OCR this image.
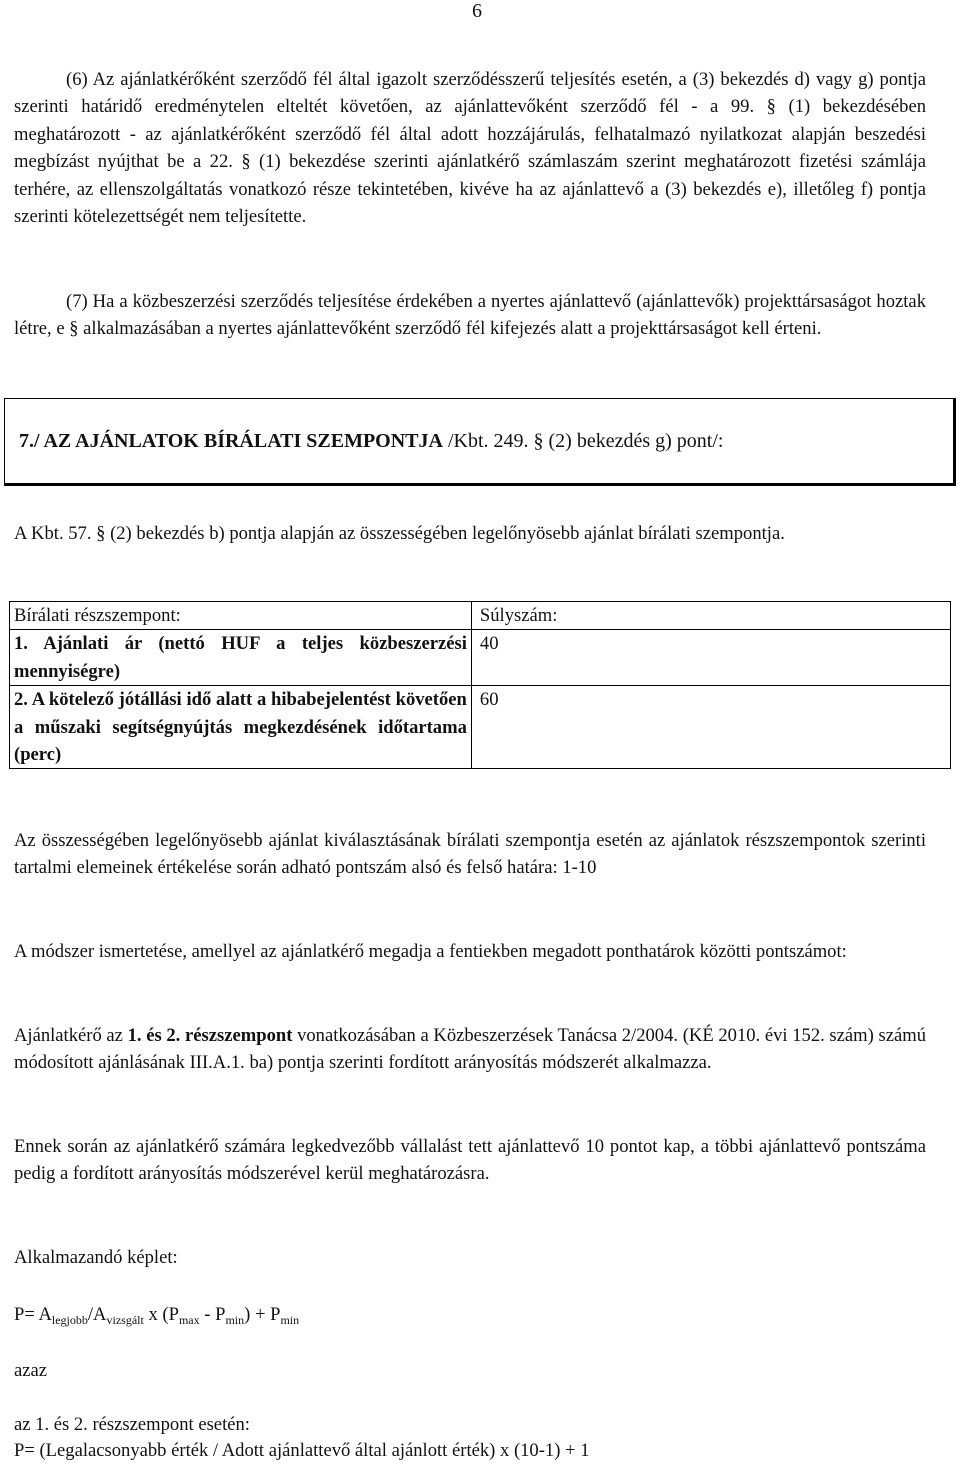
6

(6) Az ajánlatkérőként szerződő fél által igazolt szerződésszerű teljesítés esetén, a (3) bekezdés d) vagy g) pontja szerinti határidő eredménytelen elteltét követően, az ajánlattevőként szerződő fél - a 99. § (1) bekezdésében meghatározott - az ajánlatkérőként szerződő fél által adott hozzájárulás, felhatalmazó nyilatkozat alapján beszedési megbízást nyújthat be a 22. § (1) bekezdése szerinti ajánlatkérő számlaszám szerint meghatározott fizetési számlája terhére, az ellenszolgáltatás vonatkozó része tekintetében, kivéve ha az ajánlattevő a (3) bekezdés e), illetőleg f) pontja szerinti kötelezettségét nem teljesítette.

(7) Ha a közbeszerzési szerződés teljesítése érdekében a nyertes ajánlattevő (ajánlattevők) projekttársaságot hoztak létre, e § alkalmazásában a nyertes ajánlattevőként szerződő fél kifejezés alatt a projekttársaságot kell érteni.

7./ AZ AJÁNLATOK BÍRÁLATI SZEMPONTJA /Kbt. 249. § (2) bekezdés g) pont/:

A Kbt. 57. § (2) bekezdés b) pontja alapján az összességében legelőnyösebb ajánlat bírálati szempontja.

Bírálati részszempont:	Súlyszám:
1. Ajánlati ár (nettó HUF a teljes közbeszerzési mennyiségre)	40
2. A kötelező jótállási idő alatt a hibabejelentést követően a műszaki segítségnyújtás megkezdésének időtartama (perc)	60

Az összességében legelőnyösebb ajánlat kiválasztásának bírálati szempontja esetén az ajánlatok részszempontok szerinti tartalmi elemeinek értékelése során adható pontszám alsó és felső határa: 1-10

A módszer ismertetése, amellyel az ajánlatkérő megadja a fentiekben megadott ponthatárok közötti pontszámot:

Ajánlatkérő az 1. és 2. részszempont vonatkozásában a Közbeszerzések Tanácsa 2/2004. (KÉ 2010. évi 152. szám) számú módosított ajánlásának III.A.1. ba) pontja szerinti fordított arányosítás módszerét alkalmazza.

Ennek során az ajánlatkérő számára legkedvezőbb vállalást tett ajánlattevő 10 pontot kap, a többi ajánlattevő pontszáma pedig a fordított arányosítás módszerével kerül meghatározásra.

Alkalmazandó képlet:

$P= A_{legjobb}/A_{vizsgált}$ x $(P_{max} - P_{min}) + P_{min}$

azaz

az 1. és 2. részszempont esetén:

P= (Legalacsonyabb érték / Adott ajánlattevő által ajánlott érték) x (10-1) + 1
